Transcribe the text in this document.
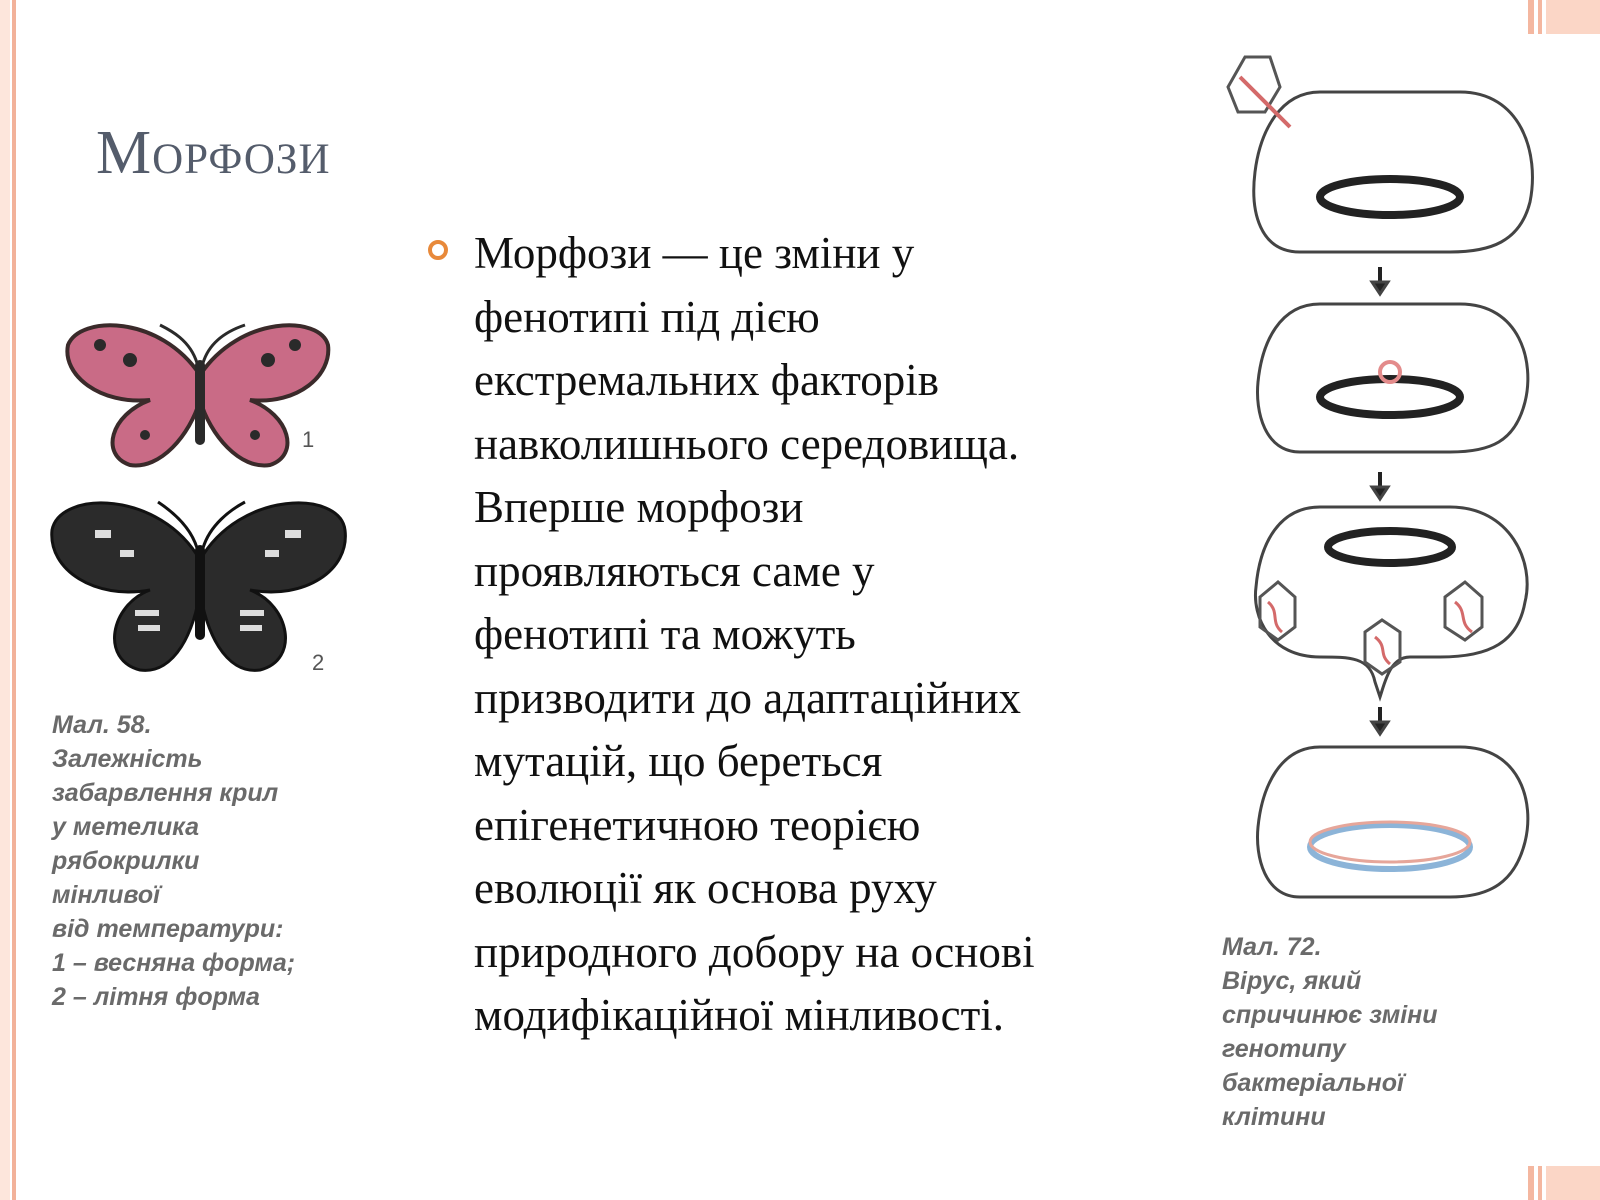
Морфози

Морфози — це зміни у
фенотипі під дією
екстремальних факторів
навколишнього середовища.
Вперше морфози
проявляються саме у
фенотипі та можуть
призводити до адаптаційних
мутацій, що береться
епігенетичною теорією
еволюції як основа руху
природного добору на основі
модифікаційної мінливості.

1
2

Мал. 58.
Залежність
забарвлення крил
у метелика
рябокрилки
мінливої
від температури:
1 – весняна форма;
2 – літня форма

Мал. 72.
Вірус, який
спричинює зміни
генотипу
бактеріальної
клітини
